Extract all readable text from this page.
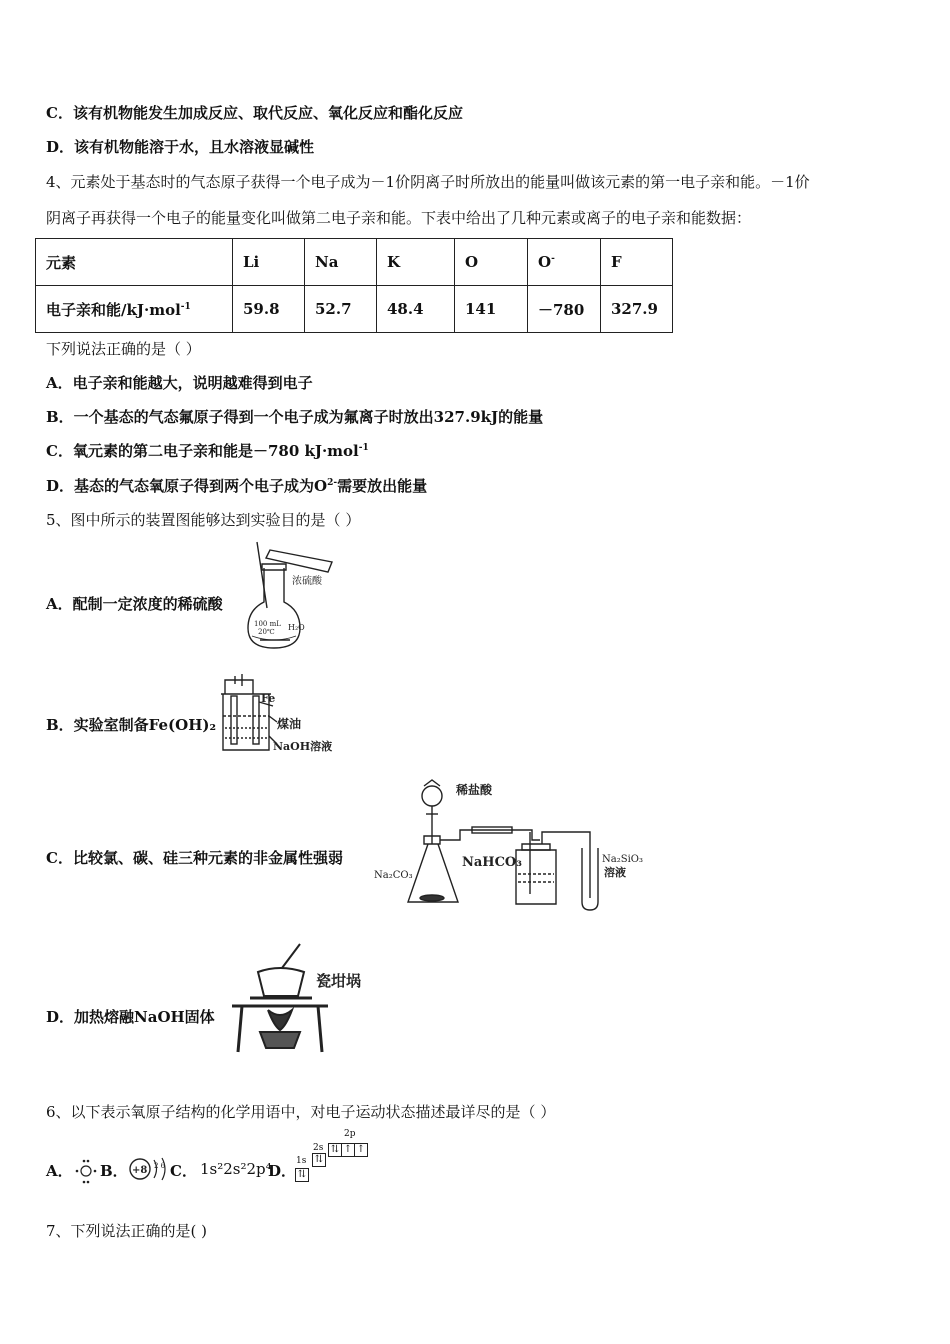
C．该有机物能发生加成反应、取代反应、氧化反应和酯化反应
D．该有机物能溶于水，且水溶液显碱性
4、元素处于基态时的气态原子获得一个电子成为－1价阴离子时所放出的能量叫做该元素的第一电子亲和能。－1价
阴离子再获得一个电子的能量变化叫做第二电子亲和能。下表中给出了几种元素或离子的电子亲和能数据：
元素	Li	Na	K	O	O-	F
电子亲和能/kJ·mol$^{-1}$	59.8	52.7	48.4	141	－780	327.9
下列说法正确的是（ ）
A．电子亲和能越大，说明越难得到电子
B．一个基态的气态氟原子得到一个电子成为氟离子时放出327.9kJ的能量
C．氧元素的第二电子亲和能是－780 kJ·mol$^{-1}$
D．基态的气态氧原子得到两个电子成为$O^{2-}$需要放出能量
5、图中所示的装置图能够达到实验目的是（ ）
A．配制一定浓度的稀硫酸
浓硫酸
100 mL
20℃ H₂O
B．实验室制备Fe(OH)₂
Fe
煤油
NaOH溶液
C．比较氯、碳、硅三种元素的非金属性强弱
稀盐酸
Na₂CO₃
NaHCO₃	Na₂SiO₃
溶液
D．加热熔融NaOH固体
瓷坩埚
6、以下表示氧原子结构的化学用语中，对电子运动状态描述最详尽的是（ ）
A． B． +8 2 6 C． 1s²2s²2p⁴
D．
2p
2s
⇅
⇅ ↑ ↑
1s
⇅
7、下列说法正确的是( )
